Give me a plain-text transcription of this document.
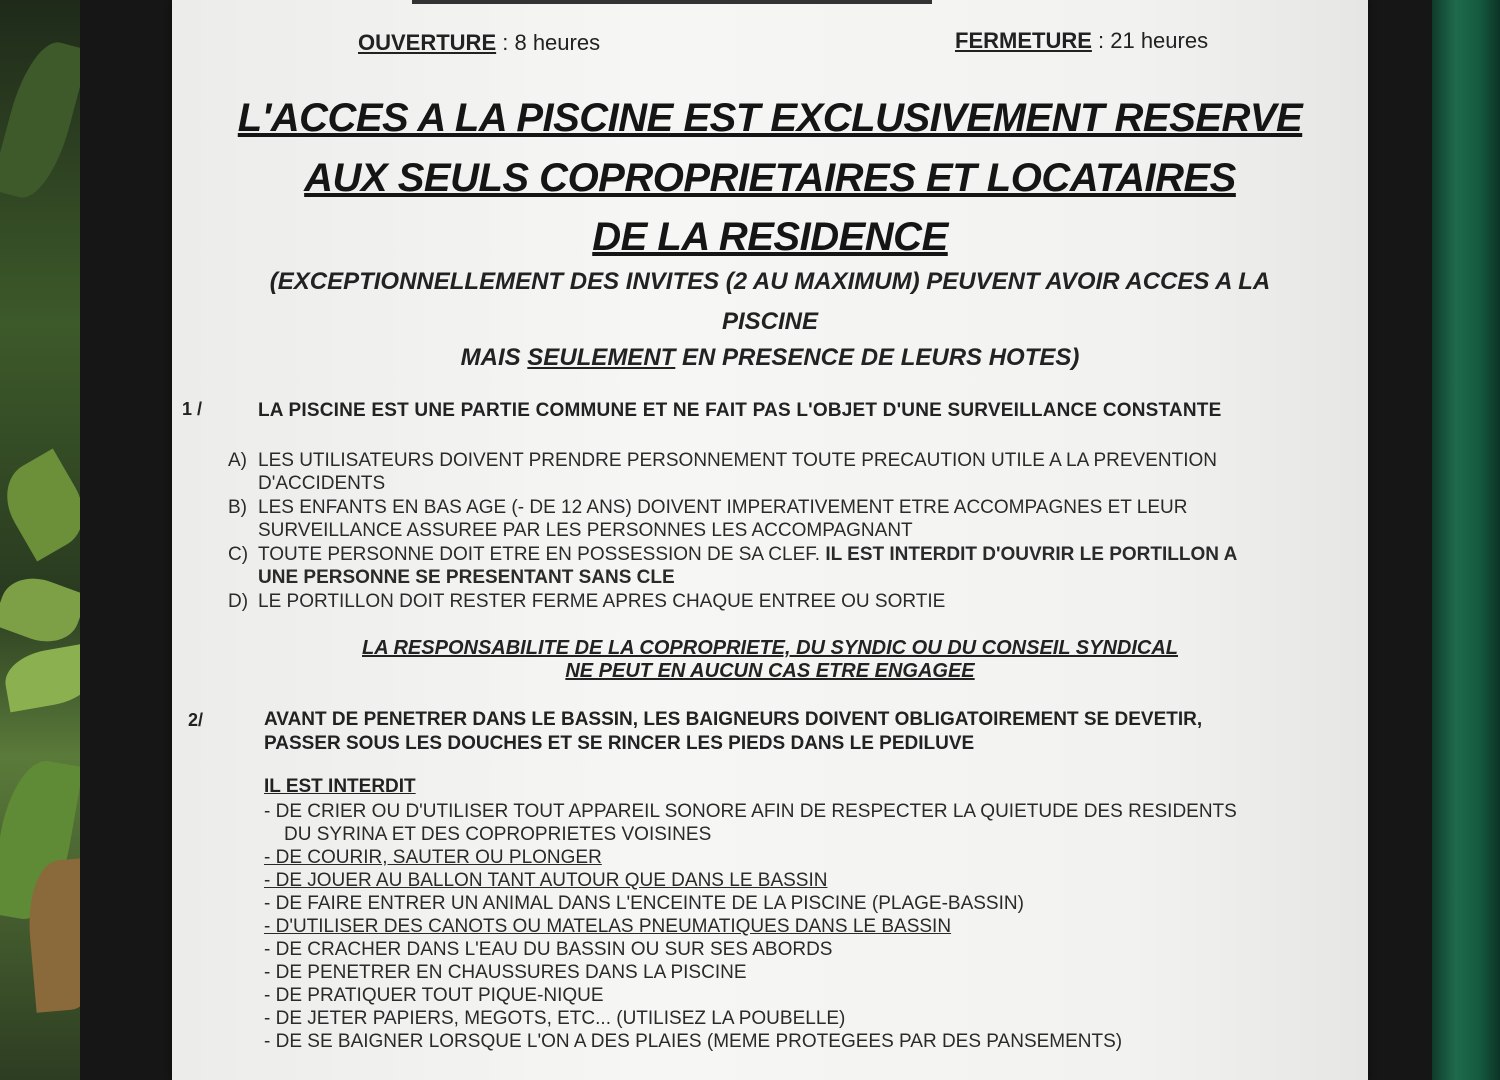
OUVERTURE : 8 heures	FERMETURE : 21 heures
L'ACCES A LA PISCINE EST EXCLUSIVEMENT RESERVE
AUX SEULS COPROPRIETAIRES ET LOCATAIRES
DE LA RESIDENCE
(EXCEPTIONNELLEMENT DES INVITES (2 AU MAXIMUM) PEUVENT AVOIR ACCES A LA
PISCINE
MAIS SEULEMENT EN PRESENCE DE LEURS HOTES)
1 /	LA PISCINE EST UNE PARTIE COMMUNE ET NE FAIT PAS L'OBJET D'UNE SURVEILLANCE CONSTANTE
A) LES UTILISATEURS DOIVENT PRENDRE PERSONNEMENT TOUTE PRECAUTION UTILE A LA PREVENTION
D'ACCIDENTS
B) LES ENFANTS EN BAS AGE (- DE 12 ANS) DOIVENT IMPERATIVEMENT ETRE ACCOMPAGNES ET LEUR
SURVEILLANCE ASSUREE PAR LES PERSONNES LES ACCOMPAGNANT
C) TOUTE PERSONNE DOIT ETRE EN POSSESSION DE SA CLEF. IL EST INTERDIT D'OUVRIR LE PORTILLON A
UNE PERSONNE SE PRESENTANT SANS CLE
D) LE PORTILLON DOIT RESTER FERME APRES CHAQUE ENTREE OU SORTIE
LA RESPONSABILITE DE LA COPROPRIETE, DU SYNDIC OU DU CONSEIL SYNDICAL
NE PEUT EN AUCUN CAS ETRE ENGAGEE
2/	AVANT DE PENETRER DANS LE BASSIN, LES BAIGNEURS DOIVENT OBLIGATOIREMENT SE DEVETIR,
PASSER SOUS LES DOUCHES ET SE RINCER LES PIEDS DANS LE PEDILUVE
IL EST INTERDIT
- DE CRIER OU D'UTILISER TOUT APPAREIL SONORE AFIN DE RESPECTER LA QUIETUDE DES RESIDENTS
DU SYRINA ET DES COPROPRIETES VOISINES
- DE COURIR, SAUTER OU PLONGER
- DE JOUER AU BALLON TANT AUTOUR QUE DANS LE BASSIN
- DE FAIRE ENTRER UN ANIMAL DANS L'ENCEINTE DE LA PISCINE (PLAGE-BASSIN)
- D'UTILISER DES CANOTS OU MATELAS PNEUMATIQUES DANS LE BASSIN
- DE CRACHER DANS L'EAU DU BASSIN OU SUR SES ABORDS
- DE PENETRER EN CHAUSSURES DANS LA PISCINE
- DE PRATIQUER TOUT PIQUE-NIQUE
- DE JETER PAPIERS, MEGOTS, ETC... (UTILISEZ LA POUBELLE)
- DE SE BAIGNER LORSQUE L'ON A DES PLAIES (MEME PROTEGEES PAR DES PANSEMENTS)
